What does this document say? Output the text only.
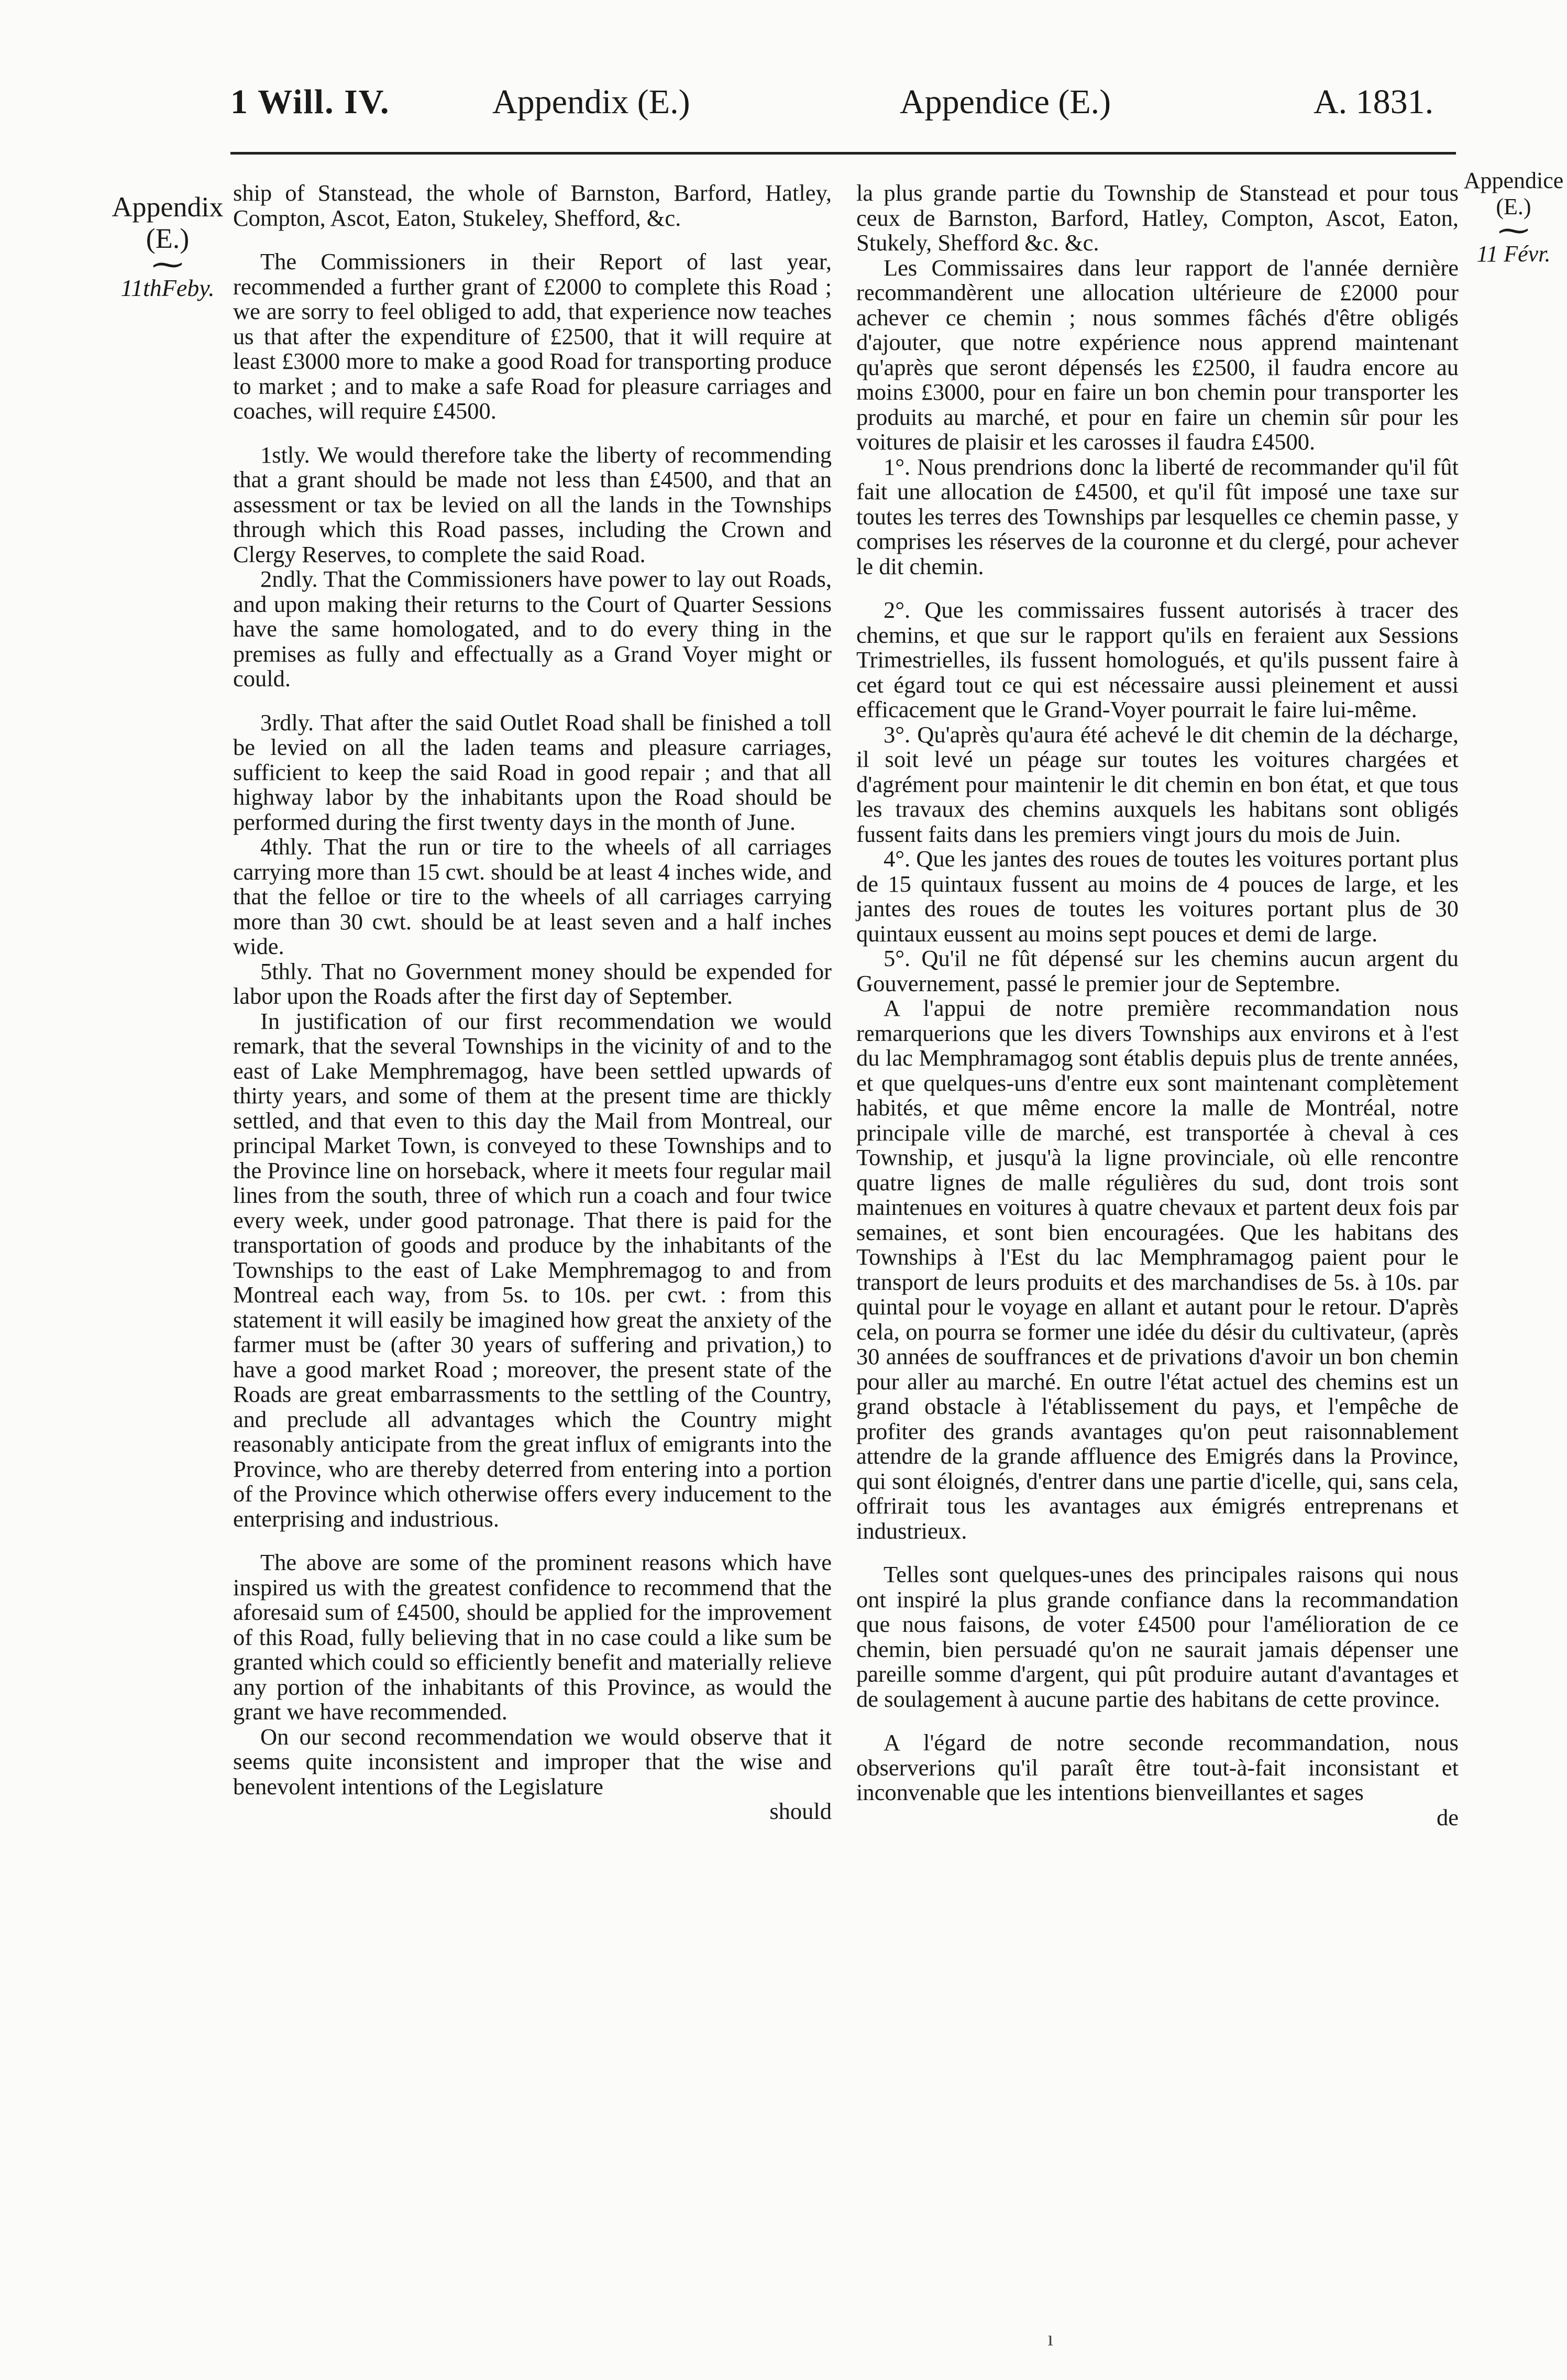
1 Will. IV.	Appendix (E.)	Appendice (E.)	A. 1831.
Appendix
(E.)
⁓
11thFeby.
Appendice
(E.)
⁓
11 Févr.

ship of Stanstead, the whole of Barnston, Barford, Hatley, Compton, Ascot, Eaton, Stukeley, Shefford, &c.

The Commissioners in their Report of last year, recommended a further grant of £2000 to complete this Road ; we are sorry to feel obliged to add, that experience now teaches us that after the expenditure of £2500, that it will require at least £3000 more to make a good Road for transporting produce to market ; and to make a safe Road for pleasure carriages and coaches, will require £4500.

1stly. We would therefore take the liberty of recommending that a grant should be made not less than £4500, and that an assessment or tax be levied on all the lands in the Townships through which this Road passes, including the Crown and Clergy Reserves, to complete the said Road.

2ndly. That the Commissioners have power to lay out Roads, and upon making their returns to the Court of Quarter Sessions have the same homologated, and to do every thing in the premises as fully and effectually as a Grand Voyer might or could.

3rdly. That after the said Outlet Road shall be finished a toll be levied on all the laden teams and pleasure carriages, sufficient to keep the said Road in good repair ; and that all highway labor by the inhabitants upon the Road should be performed during the first twenty days in the month of June.

4thly. That the run or tire to the wheels of all carriages carrying more than 15 cwt. should be at least 4 inches wide, and that the felloe or tire to the wheels of all carriages carrying more than 30 cwt. should be at least seven and a half inches wide.

5thly. That no Government money should be expended for labor upon the Roads after the first day of September.

In justification of our first recommendation we would remark, that the several Townships in the vicinity of and to the east of Lake Memphremagog, have been settled upwards of thirty years, and some of them at the present time are thickly settled, and that even to this day the Mail from Montreal, our principal Market Town, is conveyed to these Townships and to the Province line on horseback, where it meets four regular mail lines from the south, three of which run a coach and four twice every week, under good patronage. That there is paid for the transportation of goods and produce by the inhabitants of the Townships to the east of Lake Memphremagog to and from Montreal each way, from 5s. to 10s. per cwt. : from this statement it will easily be imagined how great the anxiety of the farmer must be (after 30 years of suffering and privation,) to have a good market Road ; moreover, the present state of the Roads are great embarrassments to the settling of the Country, and preclude all advantages which the Country might reasonably anticipate from the great influx of emigrants into the Province, who are thereby deterred from entering into a portion of the Province which otherwise offers every inducement to the enterprising and industrious.

The above are some of the prominent reasons which have inspired us with the greatest confidence to recommend that the aforesaid sum of £4500, should be applied for the improvement of this Road, fully believing that in no case could a like sum be granted which could so efficiently benefit and materially relieve any portion of the inhabitants of this Province, as would the grant we have recommended.

On our second recommendation we would observe that it seems quite inconsistent and improper that the wise and benevolent intentions of the Legislature

should

la plus grande partie du Township de Stanstead et pour tous ceux de Barnston, Barford, Hatley, Compton, Ascot, Eaton, Stukely, Shefford &c. &c.

Les Commissaires dans leur rapport de l'année dernière recommandèrent une allocation ultérieure de £2000 pour achever ce chemin ; nous sommes fâchés d'être obligés d'ajouter, que notre expérience nous apprend maintenant qu'après que seront dépensés les £2500, il faudra encore au moins £3000, pour en faire un bon chemin pour transporter les produits au marché, et pour en faire un chemin sûr pour les voitures de plaisir et les carosses il faudra £4500.

1°. Nous prendrions donc la liberté de recommander qu'il fût fait une allocation de £4500, et qu'il fût imposé une taxe sur toutes les terres des Townships par lesquelles ce chemin passe, y comprises les réserves de la couronne et du clergé, pour achever le dit chemin.

2°. Que les commissaires fussent autorisés à tracer des chemins, et que sur le rapport qu'ils en feraient aux Sessions Trimestrielles, ils fussent homologués, et qu'ils pussent faire à cet égard tout ce qui est nécessaire aussi pleinement et aussi efficacement que le Grand-Voyer pourrait le faire lui-même.

3°. Qu'après qu'aura été achevé le dit chemin de la décharge, il soit levé un péage sur toutes les voitures chargées et d'agrément pour maintenir le dit chemin en bon état, et que tous les travaux des chemins auxquels les habitans sont obligés fussent faits dans les premiers vingt jours du mois de Juin.

4°. Que les jantes des roues de toutes les voitures portant plus de 15 quintaux fussent au moins de 4 pouces de large, et les jantes des roues de toutes les voitures portant plus de 30 quintaux eussent au moins sept pouces et demi de large.

5°. Qu'il ne fût dépensé sur les chemins aucun argent du Gouvernement, passé le premier jour de Septembre.

A l'appui de notre première recommandation nous remarquerions que les divers Townships aux environs et à l'est du lac Memphramagog sont établis depuis plus de trente années, et que quelques-uns d'entre eux sont maintenant complètement habités, et que même encore la malle de Montréal, notre principale ville de marché, est transportée à cheval à ces Township, et jusqu'à la ligne provinciale, où elle rencontre quatre lignes de malle régulières du sud, dont trois sont maintenues en voitures à quatre chevaux et partent deux fois par semaines, et sont bien encouragées. Que les habitans des Townships à l'Est du lac Memphramagog paient pour le transport de leurs produits et des marchandises de 5s. à 10s. par quintal pour le voyage en allant et autant pour le retour. D'après cela, on pourra se former une idée du désir du cultivateur, (après 30 années de souffrances et de privations d'avoir un bon chemin pour aller au marché. En outre l'état actuel des chemins est un grand obstacle à l'établissement du pays, et l'empêche de profiter des grands avantages qu'on peut raisonnablement attendre de la grande affluence des Emigrés dans la Province, qui sont éloignés, d'entrer dans une partie d'icelle, qui, sans cela, offrirait tous les avantages aux émigrés entreprenans et industrieux.

Telles sont quelques-unes des principales raisons qui nous ont inspiré la plus grande confiance dans la recommandation que nous faisons, de voter £4500 pour l'amélioration de ce chemin, bien persuadé qu'on ne saurait jamais dépenser une pareille somme d'argent, qui pût produire autant d'avantages et de soulagement à aucune partie des habitans de cette province.

A l'égard de notre seconde recommandation, nous observerions qu'il paraît être tout-à-fait inconsistant et inconvenable que les intentions bienveillantes et sages

de

ı
